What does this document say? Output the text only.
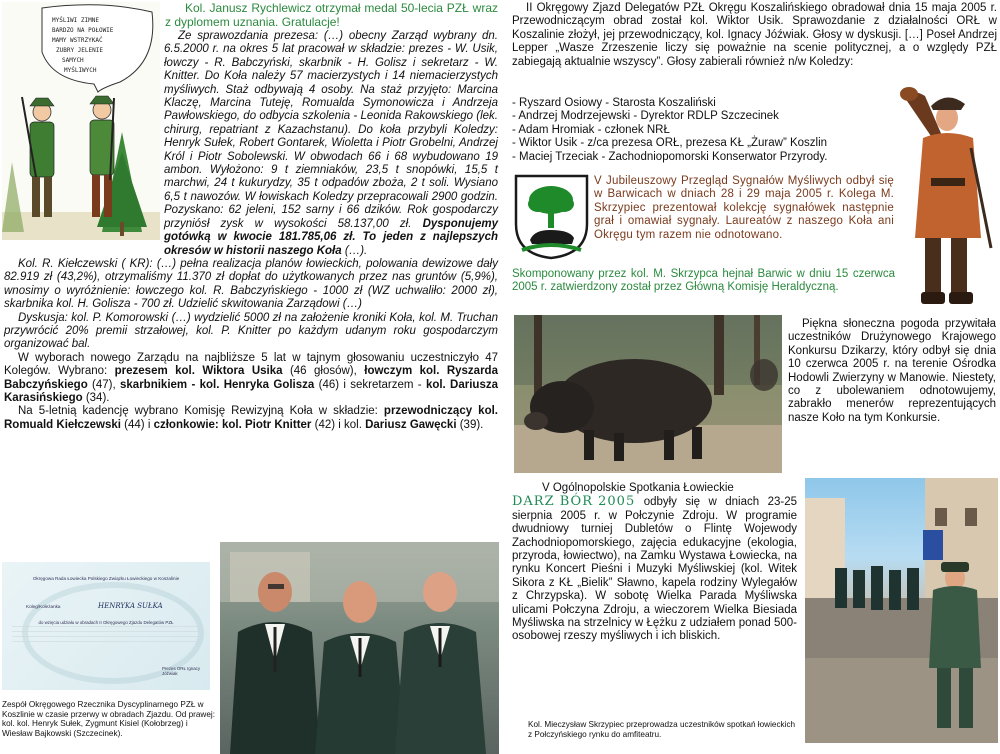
MYŚLIWI ZIMNE
BARDZO NA POŁOWIE
MAMY WSTRZYKAĆ
ZUBRY JELENIE
SAMYCH
MYŚLIWYCH

Kol. Janusz Rychlewicz otrzymał medal 50-lecia PZŁ wraz z dyplomem uznania. Gratulacje!

Ze sprawozdania prezesa: (…) obecny Zarząd wybrany dn. 6.5.2000 r. na okres 5 lat pracował w składzie: prezes - W. Usik, łowczy - R. Babczyński, skarbnik - H. Golisz i sekretarz - W. Knitter. Do Koła należy 57 macierzystych i 14 niemacierzystych myśliwych. Staż odbywają 4 osoby. Na staż przyjęto: Marcina Klaczę, Marcina Tuteję, Romualda Symonowicza i Andrzeja Pawłowskiego, do odbycia szkolenia - Leonida Rakowskiego (lek. chirurg, repatriant z Kazachstanu). Do koła przybyli Koledzy: Henryk Sułek, Robert Gontarek, Wioletta i Piotr Grobelni, Andrzej Król i Piotr Sobolewski. W obwodach 66 i 68 wybudowano 19 ambon. Wyłożono: 9 t ziemniaków, 23,5 t snopówki, 15,5 t marchwi, 24 t kukurydzy, 35 t odpadów zboża, 2 t soli. Wysiano 6,5 t nawozów. W łowiskach Koledzy przepracowali 2900 godzin. Pozyskano: 62 jeleni, 152 sarny i 66 dzików. Rok gospodarczy przyniósł zysk w wysokości 58.137,00 zł. Dysponujemy gotówką w kwocie 181.785,06 zł. To jeden z najlepszych okresów w historii naszego Koła (…).

Kol. R. Kiełczewski ( KR): (…) pełna realizacja planów łowieckich, polowania dewizowe dały 82.919 zł (43,2%), otrzymaliśmy 11.370 zł dopłat do użytkowanych przez nas gruntów (5,9%), wnosimy o wyróżnienie: łowczego kol. R. Babczyńskiego - 1000 zł (WZ uchwaliło: 2000 zł), skarbnika kol. H. Golisza - 700 zł. Udzielić skwitowania Zarządowi (…)

Dyskusja: kol. P. Komorowski (…) wydzielić 5000 zł na założenie kroniki Koła, kol. M. Truchan przywrócić 20% premii strzałowej, kol. P. Knitter po każdym udanym roku gospodarczym organizować bal.

W wyborach nowego Zarządu na najbliższe 5 lat w tajnym głosowaniu uczestniczyło 47 Kolegów. Wybrano: prezesem kol. Wiktora Usika (46 głosów), łowczym kol. Ryszarda Babczyńskiego (47), skarbnikiem - kol. Henryka Golisza (46) i sekretarzem - kol. Dariusza Karasińskiego (34).

Na 5-letnią kadencję wybrano Komisję Rewizyjną Koła w składzie: przewodniczący kol. Romuald Kiełczewski (44) i członkowie: kol. Piotr Knitter (42) i kol. Dariusz Gawęcki (39).

Okręgowa Rada Łowiecka Polskiego Związku Łowieckiego w Koszalinie
Koleg/Koleżanka	HENRYKA SUŁKA
do wzięcia udziału w obradach II Okręgowego Zjazdu Delegatów PZŁ
Prezes ORŁ Ignacy Jóźwiak

Zespół Okręgowego Rzecznika Dyscyplinarnego PZŁ w Koszlinie w czasie przerwy w obradach Zjazdu. Od prawej: kol. kol. Henryk Sułek, Zygmunt Kisiel (Kołobrzeg) i Wiesław Bajkowski (Szczecinek).

II Okręgowy Zjazd Delegatów PZŁ Okręgu Koszalińskiego obradował dnia 15 maja 2005 r. Przewodniczącym obrad został kol. Wiktor Usik. Sprawozdanie z działalności ORŁ w Koszalinie złożył, jej przewodniczący, kol. Ignacy Jóźwiak. Głosy w dyskusji. […] Poseł Andrzej Lepper „Wasze Zrzeszenie liczy się poważnie na scenie politycznej, a o względy PZŁ zabiegają aktualnie wszyscy”. Głosy zabierali również n/w Koledzy:

- Ryszard Osiowy - Starosta Koszaliński
- Andrzej Modrzejewski - Dyrektor RDLP Szczecinek
- Adam Hromiak - członek NRŁ
- Wiktor Usik - z/ca prezesa ORŁ, prezesa KŁ „Żuraw” Koszlin
- Maciej Trzeciak - Zachodniopomorski Konserwator Przyrody.
V Jubileuszowy Przegląd Sygnałów Myśliwych odbył się w Barwicach w dniach 28 i 29 maja 2005 r. Kolega M. Skrzypiec prezentował kolekcję sygnałówek następnie grał i omawiał sygnały. Laureatów z naszego Koła ani Okręgu tym razem nie odnotowano.
Skomponowany przez kol. M. Skrzypca hejnał Barwic w dniu 15 czerwca 2005 r. zatwierdzony został przez Główną Komisję Heraldyczną.

Piękna słoneczna pogoda przywitała uczestników Drużynowego Krajowego Konkursu Dzikarzy, który odbył się dnia 10 czerwca 2005 r. na terenie Ośrodka Hodowli Zwierzyny w Manowie. Niestety, co z ubolewaniem odnotowujemy, zabrakło menerów reprezentujących nasze Koło na tym Konkursie.

V Ogólnopolskie Spotkania Łowieckie

DARZ BÓR 2005 odbyły się w dniach 23-25 sierpnia 2005 r. w Połczynie Zdroju. W programie dwudniowy turniej Dubletów o Flintę Wojewody Zachodniopomorskiego, zajęcia edukacyjne (ekologia, przyroda, łowiectwo), na Zamku Wystawa Łowiecka, na rynku Koncert Pieśni i Muzyki Myśliwskiej (kol. Witek Sikora z KŁ „Bielik” Sławno, kapela rodziny Wylegałów z Chrzypska). W sobotę Wielka Parada Myśliwska ulicami Połczyna Zdroju, a wieczorem Wielka Biesiada Myśliwska na strzelnicy w Łężku z udziałem ponad 500-osobowej rzeszy myśliwych i ich bliskich.

Kol. Mieczysław Skrzypiec przeprowadza uczestników spotkań łowieckich z Połczyńskiego rynku do amfiteatru.
